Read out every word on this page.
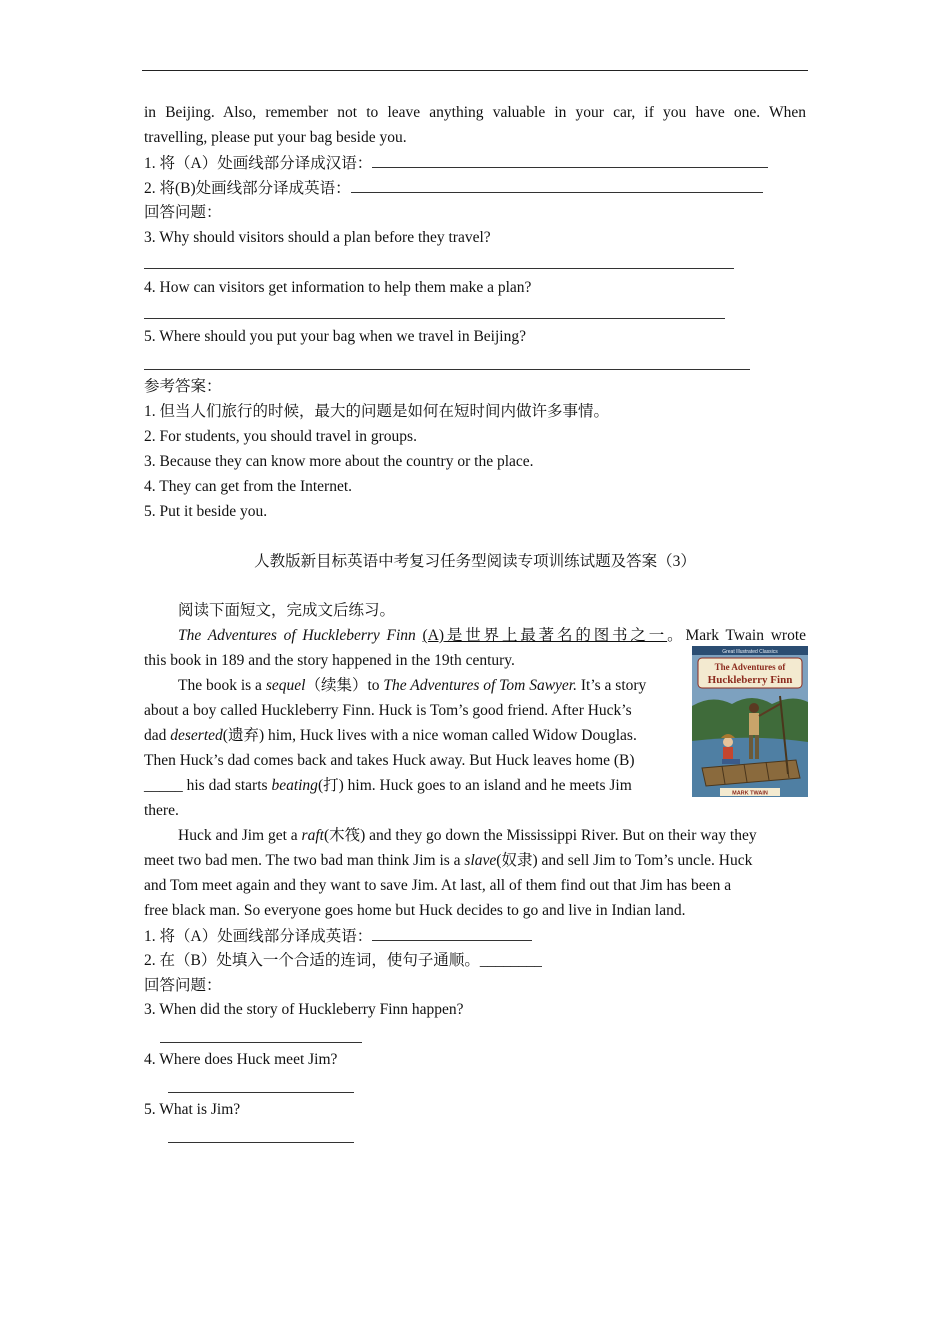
in Beijing. Also, remember not to leave anything valuable in your car, if you have one. When
travelling, please put your bag beside you.
1. 将（A）处画线部分译成汉语：
2. 将(B)处画线部分译成英语：
回答问题：
3. Why should visitors should a plan before they travel?
4. How can visitors get information to help them make a plan?
5. Where should you put your bag when we travel in Beijing?
参考答案：
1. 但当人们旅行的时候，最大的问题是如何在短时间内做许多事情。
2. For students, you should travel in groups.
3. Because they can know more about the country or the place.
4. They can get from the Internet.
5. Put it beside you.
人教版新目标英语中考复习任务型阅读专项训练试题及答案（3）
阅读下面短文，完成文后练习。
The Adventures of Huckleberry Finn (A)是世界上最著名的图书之一。Mark Twain wrote
this book in 189 and the story happened in the 19th century.
The book is a sequel（续集）to The Adventures of Tom Sawyer. It’s a story
about a boy called Huckleberry Finn. Huck is Tom’s good friend. After Huck’s
dad deserted(遗弃) him, Huck lives with a nice woman called Widow Douglas.
Then Huck’s dad comes back and takes Huck away. But Huck leaves home (B)
_____ his dad starts beating(打) him. Huck goes to an island and he meets Jim
there.
Huck and Jim get a raft(木筏) and they go down the Mississippi River. But on their way they
meet two bad men. The two bad man think Jim is a slave(奴隶) and sell Jim to Tom’s uncle. Huck
and Tom meet again and they want to save Jim. At last, all of them find out that Jim has been a
free black man. So everyone goes home but Huck decides to go and live in Indian land.
1. 将（A）处画线部分译成英语：
2. 在（B）处填入一个合适的连词，使句子通顺。________
回答问题：
3. When did the story of Huckleberry Finn happen?
4. Where does Huck meet Jim?
5. What is Jim?
Great Illustrated Classics
The Adventures of
Huckleberry Finn
MARK TWAIN
